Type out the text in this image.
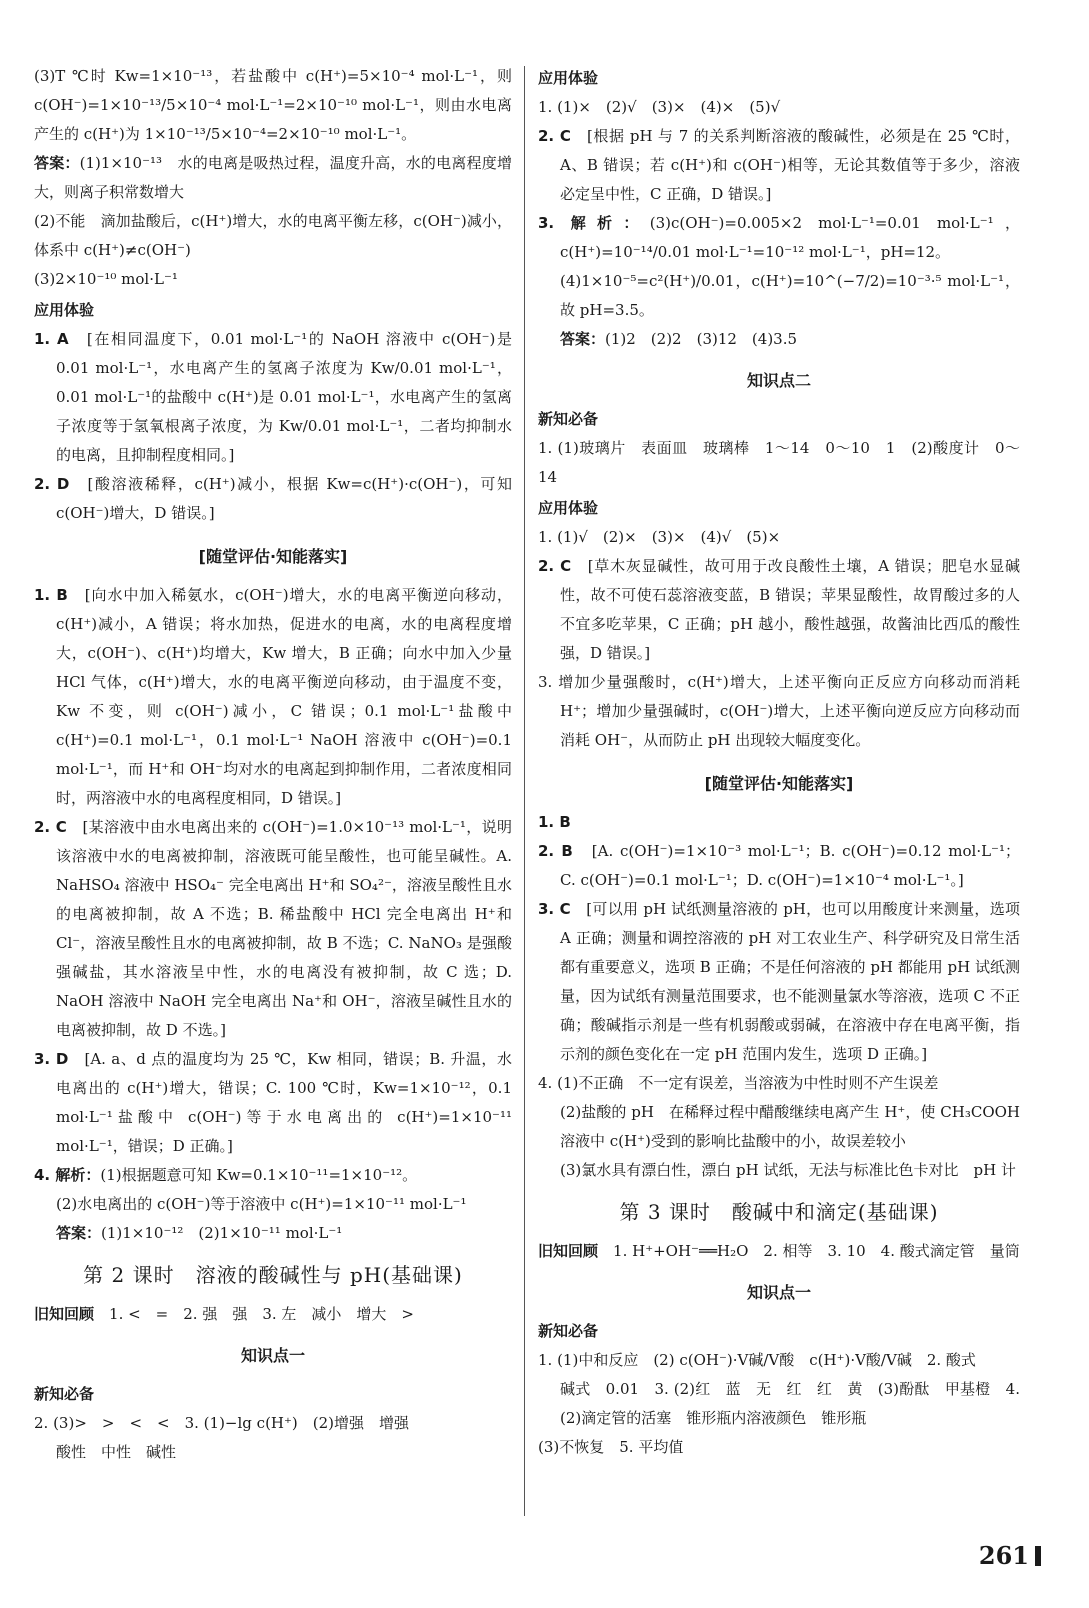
(3)T ℃时 Kw=1×10⁻¹³，若盐酸中 c(H⁺)=5×10⁻⁴ mol·L⁻¹，则 c(OH⁻)=1×10⁻¹³/5×10⁻⁴ mol·L⁻¹=2×10⁻¹⁰ mol·L⁻¹，则由水电离产生的 c(H⁺)为 1×10⁻¹³/5×10⁻⁴=2×10⁻¹⁰ mol·L⁻¹。

答案：(1)1×10⁻¹³　水的电离是吸热过程，温度升高，水的电离程度增大，则离子积常数增大

(2)不能　滴加盐酸后，c(H⁺)增大，水的电离平衡左移，c(OH⁻)减小，体系中 c(H⁺)≠c(OH⁻)

(3)2×10⁻¹⁰ mol·L⁻¹

应用体验

1. A　 [在相同温度下，0.01 mol·L⁻¹的 NaOH 溶液中 c(OH⁻)是 0.01 mol·L⁻¹，水电离产生的氢离子浓度为 Kw/0.01 mol·L⁻¹，0.01 mol·L⁻¹的盐酸中 c(H⁺)是 0.01 mol·L⁻¹，水电离产生的氢离子浓度等于氢氧根离子浓度，为 Kw/0.01 mol·L⁻¹，二者均抑制水的电离，且抑制程度相同。]

2. D　 [酸溶液稀释，c(H⁺)减小，根据 Kw=c(H⁺)·c(OH⁻)，可知 c(OH⁻)增大，D 错误。]

[随堂评估·知能落实]

1. B　 [向水中加入稀氨水，c(OH⁻)增大，水的电离平衡逆向移动，c(H⁺)减小，A 错误；将水加热，促进水的电离，水的电离程度增大，c(OH⁻)、c(H⁺)均增大，Kw 增大，B 正确；向水中加入少量 HCl 气体，c(H⁺)增大，水的电离平衡逆向移动，由于温度不变，Kw 不变，则 c(OH⁻)减小，C 错误；0.1 mol·L⁻¹盐酸中 c(H⁺)=0.1 mol·L⁻¹，0.1 mol·L⁻¹ NaOH 溶液中 c(OH⁻)=0.1 mol·L⁻¹，而 H⁺和 OH⁻均对水的电离起到抑制作用，二者浓度相同时，两溶液中水的电离程度相同，D 错误。]

2. C　 [某溶液中由水电离出来的 c(OH⁻)=1.0×10⁻¹³ mol·L⁻¹，说明该溶液中水的电离被抑制，溶液既可能呈酸性，也可能呈碱性。A. NaHSO₄ 溶液中 HSO₄⁻ 完全电离出 H⁺和 SO₄²⁻，溶液呈酸性且水的电离被抑制，故 A 不选；B. 稀盐酸中 HCl 完全电离出 H⁺和 Cl⁻，溶液呈酸性且水的电离被抑制，故 B 不选；C. NaNO₃ 是强酸强碱盐，其水溶液呈中性，水的电离没有被抑制，故 C 选；D. NaOH 溶液中 NaOH 完全电离出 Na⁺和 OH⁻，溶液呈碱性且水的电离被抑制，故 D 不选。]

3. D　 [A. a、d 点的温度均为 25 ℃，Kw 相同，错误；B. 升温，水电离出的 c(H⁺)增大，错误；C. 100 ℃时，Kw=1×10⁻¹²，0.1 mol·L⁻¹盐酸中 c(OH⁻)等于水电离出的 c(H⁺)=1×10⁻¹¹ mol·L⁻¹，错误；D 正确。]

4. 解析：(1)根据题意可知 Kw=0.1×10⁻¹¹=1×10⁻¹²。

(2)水电离出的 c(OH⁻)等于溶液中 c(H⁺)=1×10⁻¹¹ mol·L⁻¹

答案：(1)1×10⁻¹²　(2)1×10⁻¹¹ mol·L⁻¹

第 2 课时　溶液的酸碱性与 pH(基础课)

旧知回顾　 1. <　=　2. 强　强　3. 左　减小　增大　>

知识点一

新知必备

2. (3)>　>　<　<　3. (1)−lg c(H⁺)　(2)增强　增强

酸性　中性　碱性

应用体验

1. (1)×　(2)√　(3)×　(4)×　(5)√

2. C　 [根据 pH 与 7 的关系判断溶液的酸碱性，必须是在 25 ℃时，A、B 错误；若 c(H⁺)和 c(OH⁻)相等，无论其数值等于多少，溶液必定呈中性，C 正确，D 错误。]

3. 解析：(3)c(OH⁻)=0.005×2 mol·L⁻¹=0.01 mol·L⁻¹，c(H⁺)=10⁻¹⁴/0.01 mol·L⁻¹=10⁻¹² mol·L⁻¹，pH=12。

(4)1×10⁻⁵=c²(H⁺)/0.01，c(H⁺)=10^(−7/2)=10⁻³·⁵ mol·L⁻¹，故 pH=3.5。

答案：(1)2　(2)2　(3)12　(4)3.5

知识点二

新知必备

1. (1)玻璃片　表面皿　玻璃棒　1～14　0～10　1　(2)酸度计　0～14

应用体验

1. (1)√　(2)×　(3)×　(4)√　(5)×

2. C　 [草木灰显碱性，故可用于改良酸性土壤，A 错误；肥皂水显碱性，故不可使石蕊溶液变蓝，B 错误；苹果显酸性，故胃酸过多的人不宜多吃苹果，C 正确；pH 越小，酸性越强，故酱油比西瓜的酸性强，D 错误。]

3. 增加少量强酸时，c(H⁺)增大，上述平衡向正反应方向移动而消耗 H⁺；增加少量强碱时，c(OH⁻)增大，上述平衡向逆反应方向移动而消耗 OH⁻，从而防止 pH 出现较大幅度变化。

[随堂评估·知能落实]

1. B

2. B　 [A. c(OH⁻)=1×10⁻³ mol·L⁻¹；B. c(OH⁻)=0.12 mol·L⁻¹；C. c(OH⁻)=0.1 mol·L⁻¹；D. c(OH⁻)=1×10⁻⁴ mol·L⁻¹。]

3. C　 [可以用 pH 试纸测量溶液的 pH，也可以用酸度计来测量，选项 A 正确；测量和调控溶液的 pH 对工农业生产、科学研究及日常生活都有重要意义，选项 B 正确；不是任何溶液的 pH 都能用 pH 试纸测量，因为试纸有测量范围要求，也不能测量氯水等溶液，选项 C 不正确；酸碱指示剂是一些有机弱酸或弱碱，在溶液中存在电离平衡，指示剂的颜色变化在一定 pH 范围内发生，选项 D 正确。]

4. (1)不正确　不一定有误差，当溶液为中性时则不产生误差

(2)盐酸的 pH　在稀释过程中醋酸继续电离产生 H⁺，使 CH₃COOH 溶液中 c(H⁺)受到的影响比盐酸中的小，故误差较小

(3)氯水具有漂白性，漂白 pH 试纸，无法与标准比色卡对比　pH 计

第 3 课时　酸碱中和滴定(基础课)

旧知回顾　 1. H⁺+OH⁻══H₂O　2. 相等　3. 10　4. 酸式滴定管　量筒

知识点一

新知必备

1. (1)中和反应　(2) c(OH⁻)·V碱/V酸　c(H⁺)·V酸/V碱　2. 酸式

碱式　0.01　3. (2)红　蓝　无　红　红　黄　(3)酚酞　甲基橙　4. (2)滴定管的活塞　锥形瓶内溶液颜色　锥形瓶

(3)不恢复　5. 平均值

261
